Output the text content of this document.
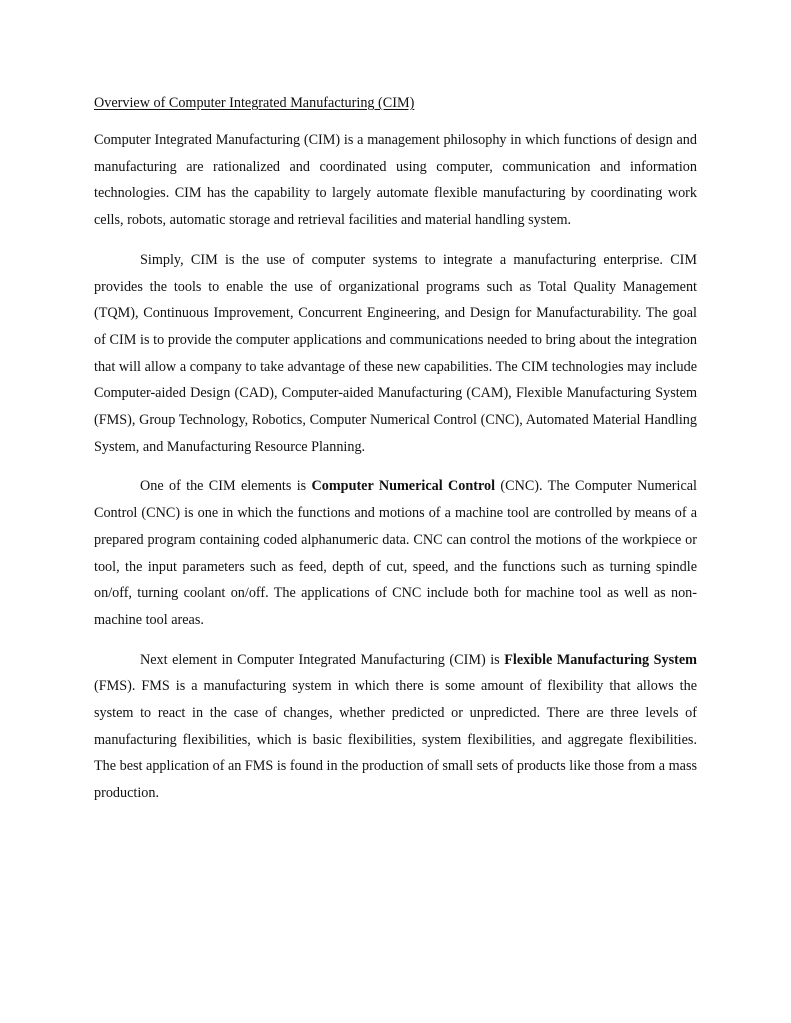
Overview of Computer Integrated Manufacturing (CIM)

Computer Integrated Manufacturing (CIM) is a management philosophy in which functions of design and manufacturing are rationalized and coordinated using computer, communication and information technologies. CIM has the capability to largely automate flexible manufacturing by coordinating work cells, robots, automatic storage and retrieval facilities and material handling system.

Simply, CIM is the use of computer systems to integrate a manufacturing enterprise. CIM provides the tools to enable the use of organizational programs such as Total Quality Management (TQM), Continuous Improvement, Concurrent Engineering, and Design for Manufacturability. The goal of CIM is to provide the computer applications and communications needed to bring about the integration that will allow a company to take advantage of these new capabilities. The CIM technologies may include Computer-aided Design (CAD), Computer-aided Manufacturing (CAM), Flexible Manufacturing System (FMS), Group Technology, Robotics, Computer Numerical Control (CNC), Automated Material Handling System, and Manufacturing Resource Planning.

One of the CIM elements is Computer Numerical Control (CNC). The Computer Numerical Control (CNC) is one in which the functions and motions of a machine tool are controlled by means of a prepared program containing coded alphanumeric data. CNC can control the motions of the workpiece or tool, the input parameters such as feed, depth of cut, speed, and the functions such as turning spindle on/off, turning coolant on/off. The applications of CNC include both for machine tool as well as non-machine tool areas.

Next element in Computer Integrated Manufacturing (CIM) is Flexible Manufacturing System (FMS). FMS is a manufacturing system in which there is some amount of flexibility that allows the system to react in the case of changes, whether predicted or unpredicted. There are three levels of manufacturing flexibilities, which is basic flexibilities, system flexibilities, and aggregate flexibilities. The best application of an FMS is found in the production of small sets of products like those from a mass production.
